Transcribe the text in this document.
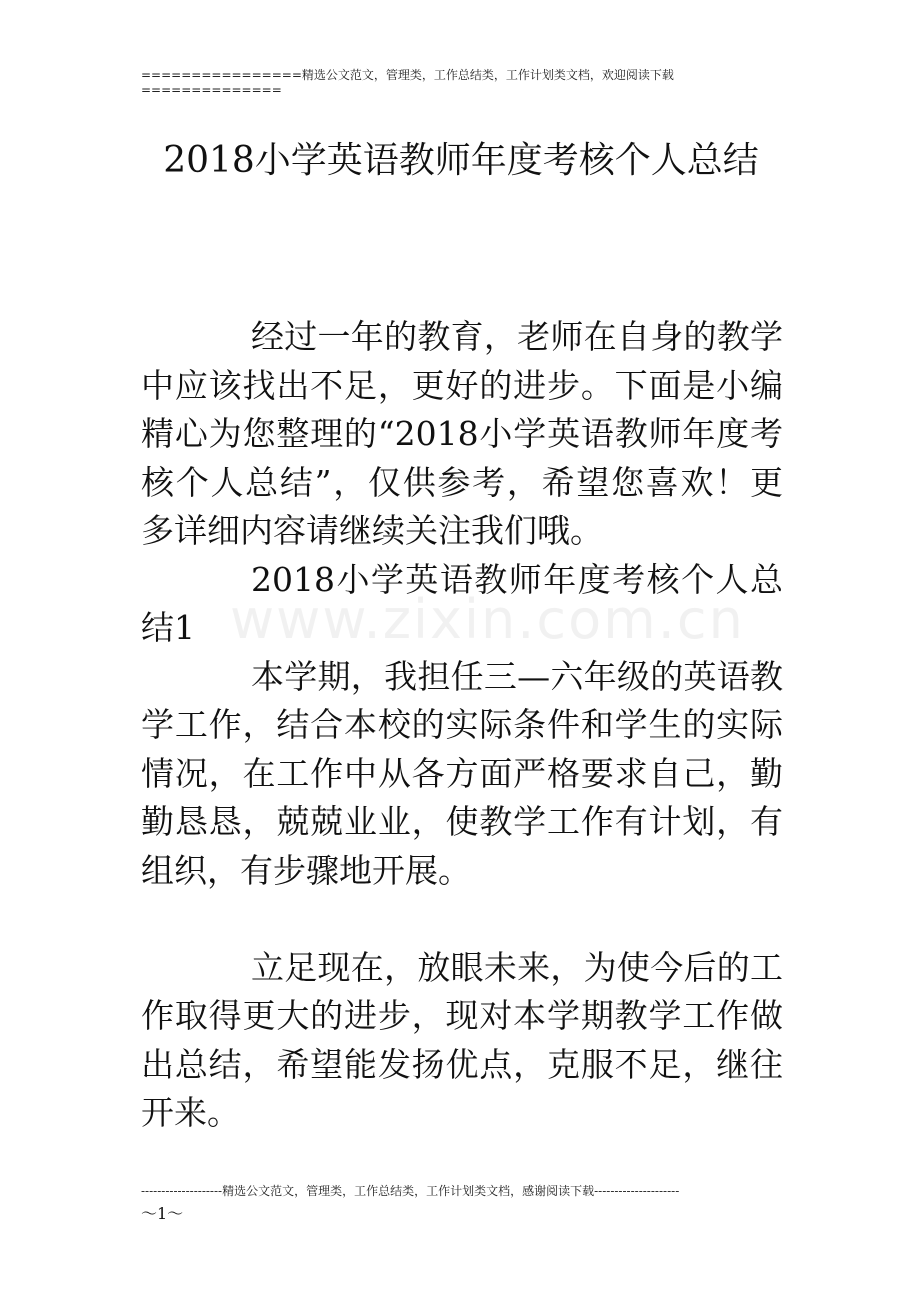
================精选公文范文，管理类，工作总结类，工作计划类文档，欢迎阅读下载
==============
2018小学英语教师年度考核个人总结
www.zixin.com.cn

经过一年的教育，老师在自身的教学中应该找出不足，更好的进步。下面是小编精心为您整理的“2018小学英语教师年度考核个人总结”，仅供参考，希望您喜欢！更多详细内容请继续关注我们哦。

2018小学英语教师年度考核个人总结1

本学期，我担任三—六年级的英语教学工作，结合本校的实际条件和学生的实际情况，在工作中从各方面严格要求自己，勤勤恳恳，兢兢业业，使教学工作有计划，有组织，有步骤地开展。

立足现在，放眼未来，为使今后的工作取得更大的进步，现对本学期教学工作做出总结，希望能发扬优点，克服不足，继往开来。

--------------------精选公文范文，管理类，工作总结类，工作计划类文档，感谢阅读下载---------------------
～1～
